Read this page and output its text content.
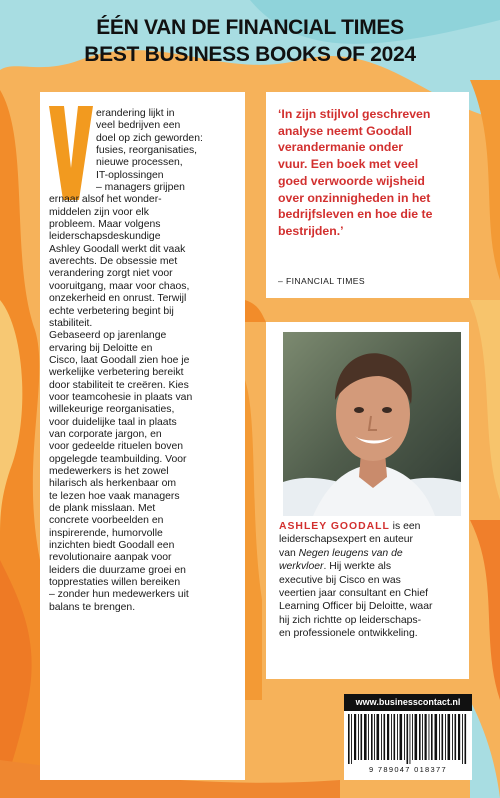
ÉÉN VAN DE FINANCIAL TIMES
BEST BUSINESS BOOKS OF 2024
erandering lijkt in
veel bedrijven een
doel op zich geworden:
fusies, reorganisaties,
nieuwe processen,
IT-oplossingen
– managers grijpen
ernaar alsof het wonder-
middelen zijn voor elk
probleem. Maar volgens
leiderschapsdeskundige
Ashley Goodall werkt dit vaak
averechts. De obsessie met
verandering zorgt niet voor
vooruitgang, maar voor chaos,
onzekerheid en onrust. Terwijl
echte verbetering begint bij
stabiliteit.
Gebaseerd op jarenlange
ervaring bij Deloitte en
Cisco, laat Goodall zien hoe je
werkelijke verbetering bereikt
door stabiliteit te creëren. Kies
voor teamcohesie in plaats van
willekeurige reorganisaties,
voor duidelijke taal in plaats
van corporate jargon, en
voor gedeelde rituelen boven
opgelegde teambuilding. Voor
medewerkers is het zowel
hilarisch als herkenbaar om
te lezen hoe vaak managers
de plank misslaan. Met
concrete voorbeelden en
inspirerende, humorvolle
inzichten biedt Goodall een
revolutionaire aanpak voor
leiders die duurzame groei en
topprestaties willen bereiken
– zonder hun medewerkers uit
balans te brengen.
‘In zijn stijlvol geschreven
analyse neemt Goodall
verandermanie onder
vuur. Een boek met veel
goed verwoorde wijsheid
over onzinnigheden in het
bedrijfsleven en hoe die te
bestrijden.’
– FINANCIAL TIMES
ASHLEY GOODALL is een
leiderschapsexpert en auteur
van Negen leugens van de
werkvloer. Hij werkte als
executive bij Cisco en was
veertien jaar consultant en Chief
Learning Officer bij Deloitte, waar
hij zich richtte op leiderschaps-
en professionele ontwikkeling.
www.businesscontact.nl
9 789047 018377
